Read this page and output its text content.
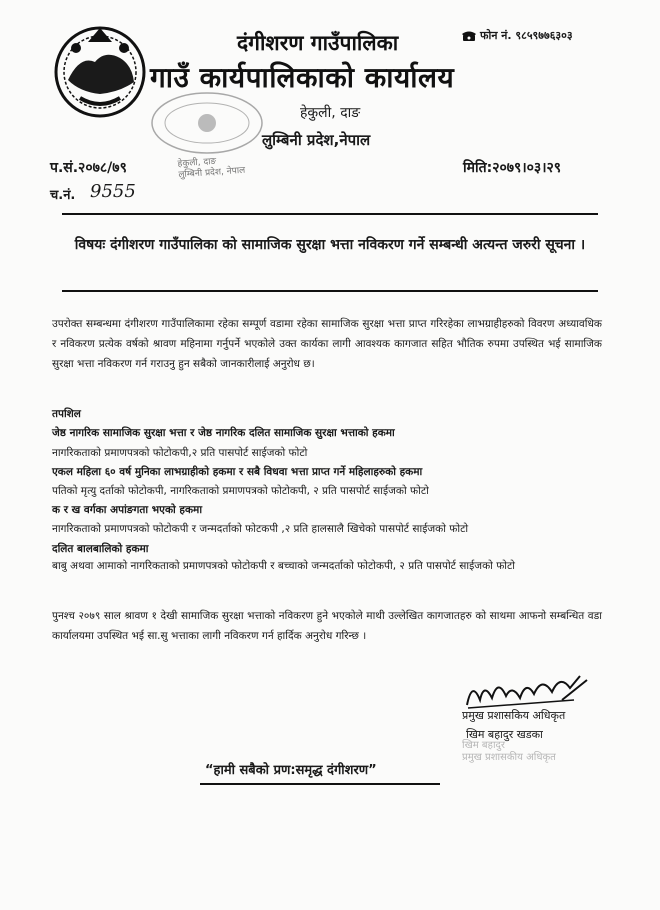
दंगीशरण गाउँपालिका
गाउँ कार्यपालिकाको कार्यालय
हेकुली, दाङ
लुम्बिनी प्रदेश,नेपाल
फोन नं. ९८५९७७६३०३
हेकुली, दाङ
लुम्बिनी प्रदेश, नेपाल
प.सं.२०७८/७९
च.नं. 9555
मिति:२०७९।०३।२९
विषयः दंगीशरण गाउँपालिका को सामाजिक सुरक्षा भत्ता नविकरण गर्ने सम्बन्धी अत्यन्त जरुरी सूचना ।
उपरोक्त सम्बन्धमा दंगीशरण गाउँपालिकामा रहेका सम्पूर्ण वडामा रहेका सामाजिक सुरक्षा भत्ता प्राप्त गरिरहेका लाभग्राहीहरुको विवरण अध्यावधिक र नविकरण प्रत्येक वर्षको श्रावण महिनामा गर्नुपर्ने भएकोले उक्त कार्यका लागी आवश्यक कागजात सहित भौतिक रुपमा उपस्थित भई सामाजिक सुरक्षा भत्ता नविकरण गर्न गराउनु हुन सबैको जानकारीलाई अनुरोध छ।
तपशिल
जेष्ठ नागरिक सामाजिक सुरक्षा भत्ता र जेष्ठ नागरिक दलित सामाजिक सुरक्षा भत्ताको हकमा
नागरिकताको प्रमाणपत्रको फोटोकपी,२ प्रति पासपोर्ट साईजको फोटो
एकल महिला ६० वर्ष मुनिका लाभग्राहीको हकमा र सबै विधवा भत्ता प्राप्त गर्ने महिलाहरुको हकमा
पतिको मृत्यु दर्ताको फोटोकपी, नागरिकताको प्रमाणपत्रको फोटोकपी, २ प्रति पासपोर्ट साईजको फोटो
क र ख वर्गका अपांङगता भएको हकमा
नागरिकताको प्रमाणपत्रको फोटोकपी र जन्मदर्ताको फोटकपी ,२ प्रति हालसालै खिचेको पासपोर्ट साईजको फोटो
दलित बालबालिको हकमा
बाबु अथवा आमाको नागरिकताको प्रमाणपत्रको फोटोकपी र बच्चाको जन्मदर्ताको फोटोकपी, २ प्रति पासपोर्ट साईजको फोटो
पुनश्च २०७९ साल श्रावण १ देखी सामाजिक सुरक्षा भत्ताको नविकरण हुने भएकोले माथी उल्लेखित कागजातहरु को साथमा आफनो सम्बन्धित वडा कार्यालयमा उपस्थित भई सा.सु भत्ताका लागी नविकरण गर्न हार्दिक अनुरोध गरिन्छ ।
प्रमुख प्रशासकिय अधिकृत
खिम बहादुर खडका
खिम बहादुर
प्रमुख प्रशासकीय अधिकृत
“हामी सबैको प्रण:समृद्ध दंगीशरण”
